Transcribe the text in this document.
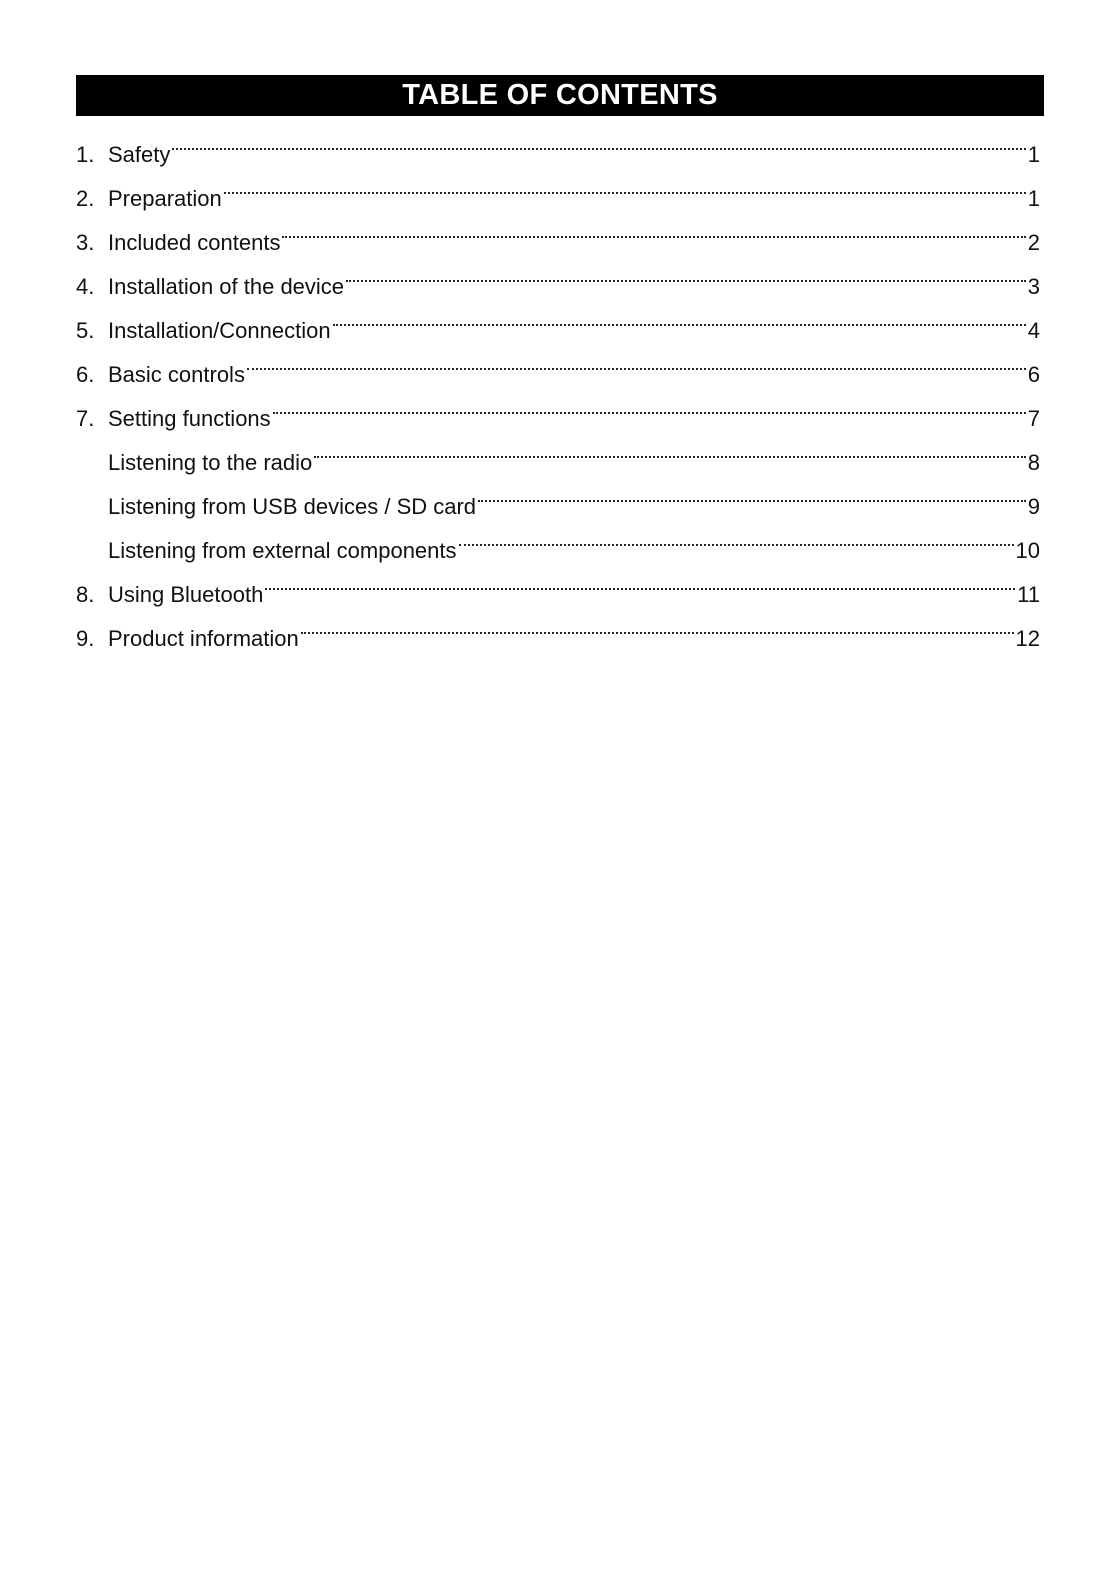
TABLE OF CONTENTS
1. Safety	1
2. Preparation	1
3. Included contents	2
4. Installation of the device	3
5. Installation/Connection	4
6. Basic controls	6
7. Setting functions	7
Listening to the radio	8
Listening from USB devices / SD card	9
Listening from external components	10
8. Using Bluetooth	11
9. Product information	12
